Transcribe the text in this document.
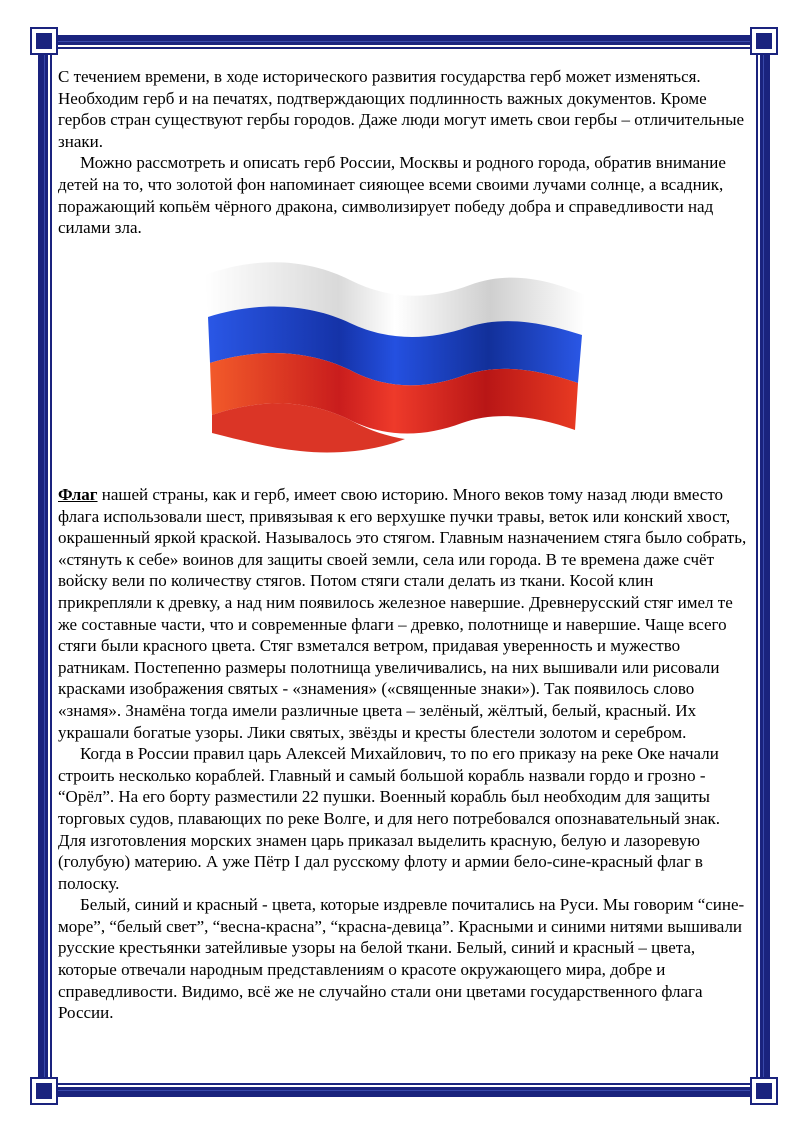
С течением времени, в ходе исторического развития государства герб может изменяться. Необходим герб и на печатях, подтверждающих подлинность важных документов. Кроме гербов стран существуют гербы городов. Даже люди могут иметь свои гербы – отличительные знаки.

Можно рассмотреть и описать герб России, Москвы и родного города, обратив внимание детей на то, что золотой фон напоминает сияющее всеми своими лучами солнце, а всадник, поражающий копьём чёрного дракона, символизирует победу добра и справедливости над силами зла.

Флаг нашей страны, как и герб, имеет свою историю. Много веков тому назад люди вместо флага использовали шест, привязывая к его верхушке пучки травы, веток или конский хвост, окрашенный яркой краской. Называлось это стягом. Главным назначением стяга было собрать, «стянуть к себе» воинов для защиты своей земли, села или города. В те времена даже счёт войску вели по количеству стягов. Потом стяги стали делать из ткани. Косой клин прикрепляли к древку, а над ним появилось железное навершие. Древнерусский стяг имел те же составные части, что и современные флаги – древко, полотнище и навершие. Чаще всего стяги были красного цвета. Стяг взметался ветром, придавая уверенность и мужество ратникам. Постепенно размеры полотнища увеличивались, на них вышивали или рисовали красками изображения святых - «знамения» («священные знаки»). Так появилось слово «знамя». Знамёна тогда имели различные цвета – зелёный, жёлтый, белый, красный. Их украшали богатые узоры. Лики святых, звёзды и кресты блестели золотом и серебром.

Когда в России правил царь Алексей Михайлович, то по его приказу на реке Оке начали строить несколько кораблей. Главный и самый большой корабль назвали гордо и грозно - “Орёл”. На его борту разместили 22 пушки. Военный корабль был необходим для защиты торговых судов, плавающих по реке Волге, и для него потребовался опознавательный знак. Для изготовления морских знамен царь приказал выделить красную, белую и лазоревую (голубую) материю. А уже Пётр I дал русскому флоту и армии бело-сине-красный флаг в полоску.

Белый, синий и красный - цвета, которые издревле почитались на Руси. Мы говорим “сине-море”, “белый свет”, “весна-красна”, “красна-девица”. Красными и синими нитями вышивали русские крестьянки затейливые узоры на белой ткани. Белый, синий и красный – цвета, которые отвечали народным представлениям о красоте окружающего мира, добре и справедливости. Видимо, всё же не случайно стали они цветами государственного флага России.
